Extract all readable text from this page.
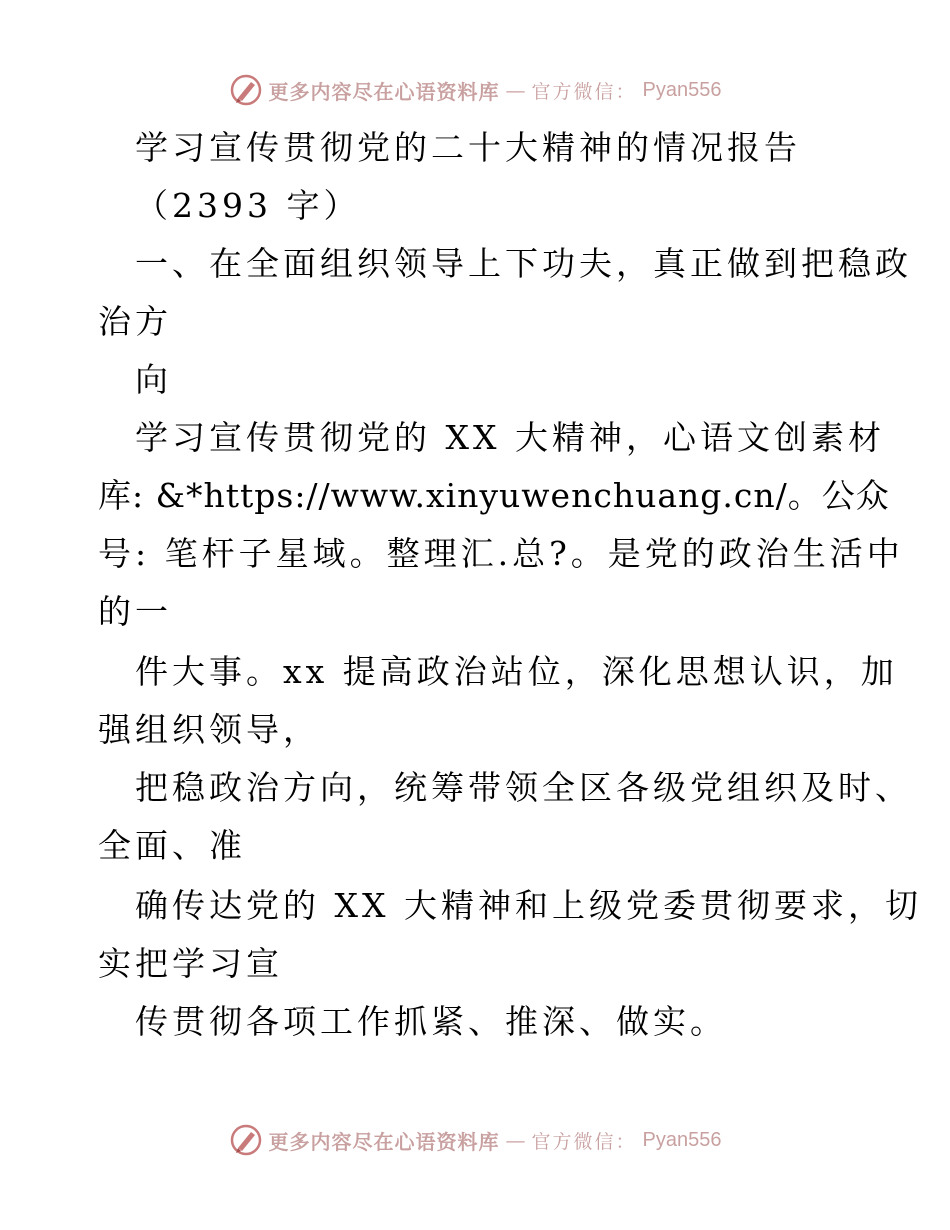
更多内容尽在心语资料库 — 官方微信： Pyan556
学习宣传贯彻党的二十大精神的情况报告
（2393 字）
一、在全面组织领导上下功夫，真正做到把稳政
治方
向
学习宣传贯彻党的 XX 大精神，心语文创素材
库: &*https://www.xinyuwenchuang.cn/。公众
号: 笔杆子星域。整理汇.总?。是党的政治生活中
的一
件大事。xx 提高政治站位，深化思想认识，加
强组织领导，
把稳政治方向，统筹带领全区各级党组织及时、
全面、准
确传达党的 XX 大精神和上级党委贯彻要求，切
实把学习宣
传贯彻各项工作抓紧、推深、做实。
更多内容尽在心语资料库 — 官方微信： Pyan556
